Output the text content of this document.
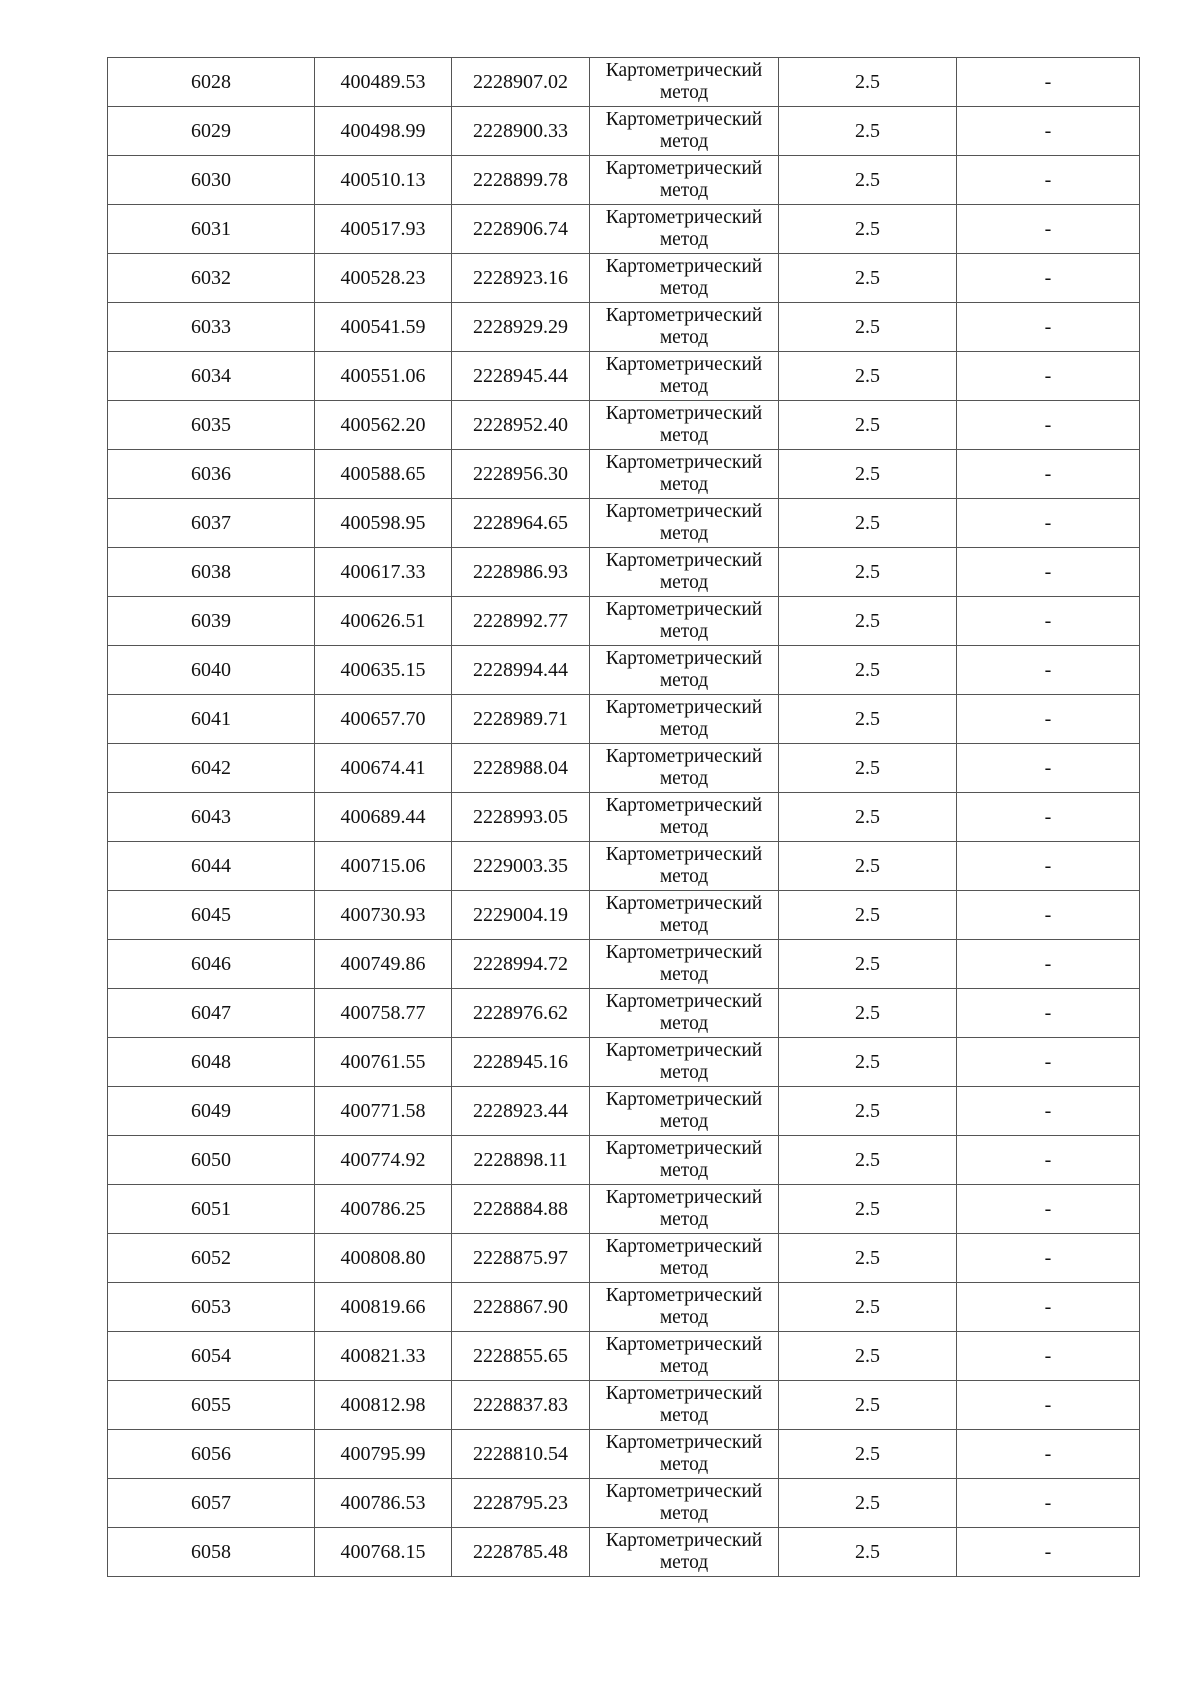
6028	400489.53	2228907.02	Картометрический
метод	2.5	-
6029	400498.99	2228900.33	Картометрический
метод	2.5	-
6030	400510.13	2228899.78	Картометрический
метод	2.5	-
6031	400517.93	2228906.74	Картометрический
метод	2.5	-
6032	400528.23	2228923.16	Картометрический
метод	2.5	-
6033	400541.59	2228929.29	Картометрический
метод	2.5	-
6034	400551.06	2228945.44	Картометрический
метод	2.5	-
6035	400562.20	2228952.40	Картометрический
метод	2.5	-
6036	400588.65	2228956.30	Картометрический
метод	2.5	-
6037	400598.95	2228964.65	Картометрический
метод	2.5	-
6038	400617.33	2228986.93	Картометрический
метод	2.5	-
6039	400626.51	2228992.77	Картометрический
метод	2.5	-
6040	400635.15	2228994.44	Картометрический
метод	2.5	-
6041	400657.70	2228989.71	Картометрический
метод	2.5	-
6042	400674.41	2228988.04	Картометрический
метод	2.5	-
6043	400689.44	2228993.05	Картометрический
метод	2.5	-
6044	400715.06	2229003.35	Картометрический
метод	2.5	-
6045	400730.93	2229004.19	Картометрический
метод	2.5	-
6046	400749.86	2228994.72	Картометрический
метод	2.5	-
6047	400758.77	2228976.62	Картометрический
метод	2.5	-
6048	400761.55	2228945.16	Картометрический
метод	2.5	-
6049	400771.58	2228923.44	Картометрический
метод	2.5	-
6050	400774.92	2228898.11	Картометрический
метод	2.5	-
6051	400786.25	2228884.88	Картометрический
метод	2.5	-
6052	400808.80	2228875.97	Картометрический
метод	2.5	-
6053	400819.66	2228867.90	Картометрический
метод	2.5	-
6054	400821.33	2228855.65	Картометрический
метод	2.5	-
6055	400812.98	2228837.83	Картометрический
метод	2.5	-
6056	400795.99	2228810.54	Картометрический
метод	2.5	-
6057	400786.53	2228795.23	Картометрический
метод	2.5	-
6058	400768.15	2228785.48	Картометрический
метод	2.5	-
